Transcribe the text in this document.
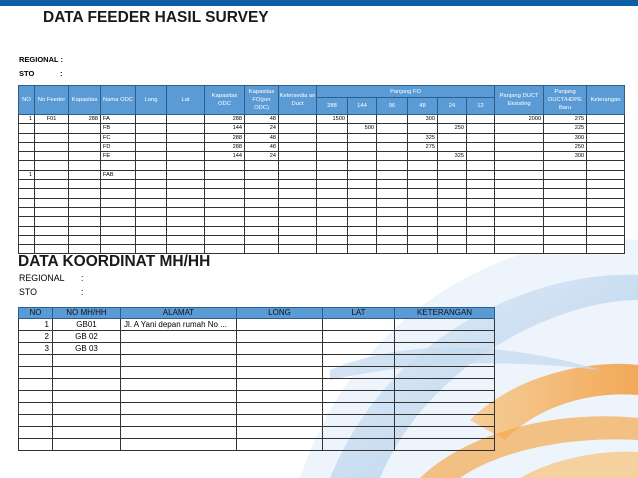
DATA FEEDER HASIL SURVEY
REGIONAL :
STO	:
NO	No Feeder	Kapasitas	Nama ODC	Long	Lat	Kapasitas ODC	Kapasitas FO(per ODC)	Ketersedia an Duct	Panjang FO						Panjang DUCT Eksisting	Panjang DUCT/HDPE Baru	Keterangan
									288	144	96	48	24	12			
1	F01	288	FA			288	48		1500			300			2000	275	
			FB			144	24			500			250			225	
			FC			288	48					325				300	
			FD			288	48					275				250	
			FE			144	24						325			300	

1			FAB														

DATA KOORDINAT MH/HH
REGIONAL :
STO	:
NO	NO MH/HH	ALAMAT	LONG	LAT	KETERANGAN
1	GB01	Jl. A Yani depan rumah No ...			
2	GB 02				
3	GB 03				
